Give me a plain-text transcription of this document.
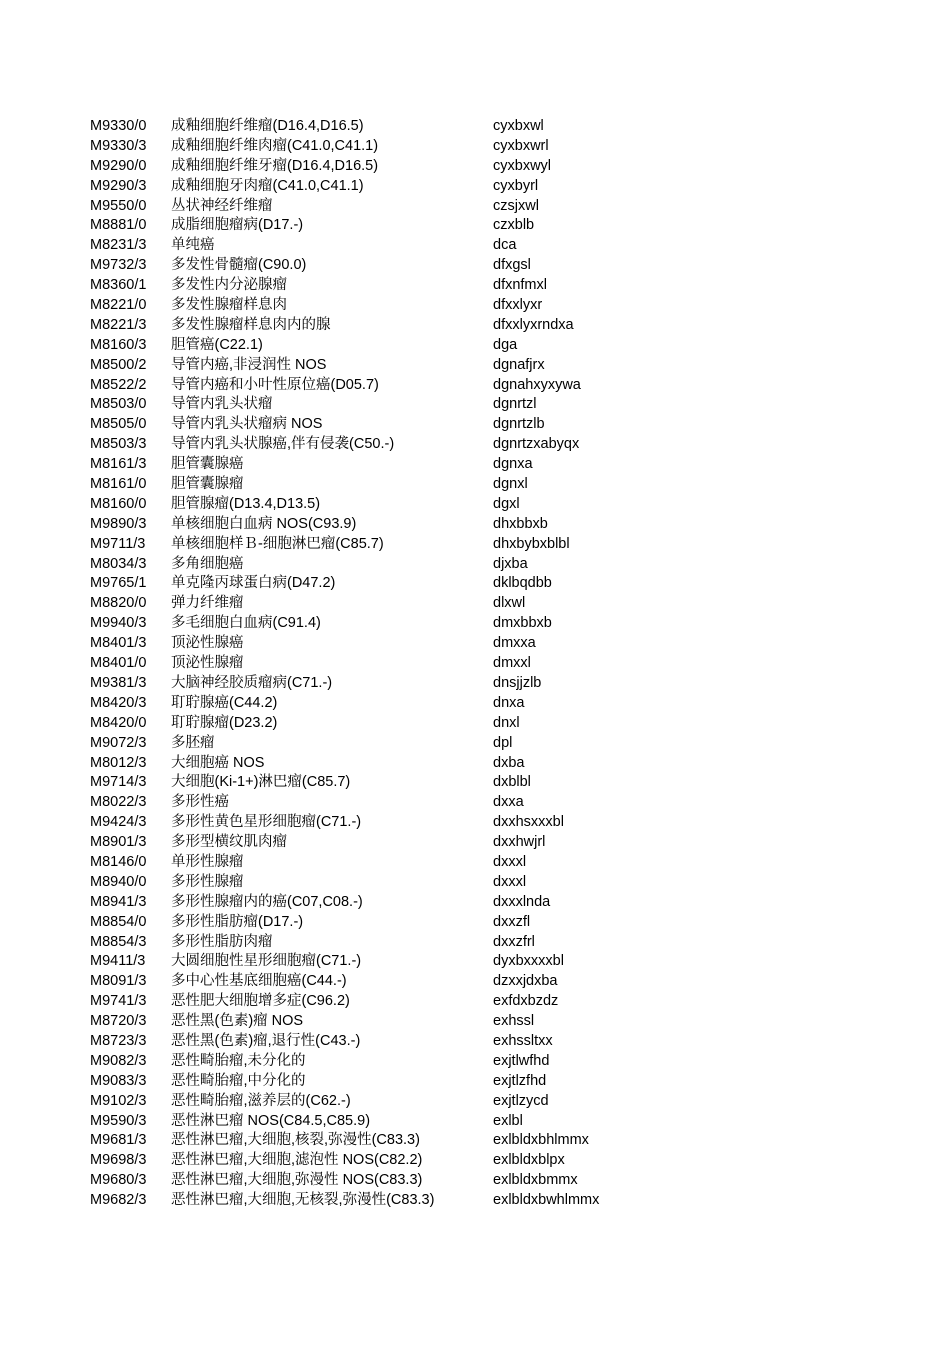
M9330/0	成釉细胞纤维瘤(D16.4,D16.5)	cyxbxwl
M9330/3	成釉细胞纤维肉瘤(C41.0,C41.1)	cyxbxwrl
M9290/0	成釉细胞纤维牙瘤(D16.4,D16.5)	cyxbxwyl
M9290/3	成釉细胞牙肉瘤(C41.0,C41.1)	cyxbyrl
M9550/0	丛状神经纤维瘤	czsjxwl
M8881/0	成脂细胞瘤病(D17.-)	czxblb
M8231/3	单纯癌	dca
M9732/3	多发性骨髓瘤(C90.0)	dfxgsl
M8360/1	多发性内分泌腺瘤	dfxnfmxl
M8221/0	多发性腺瘤样息肉	dfxxlyxr
M8221/3	多发性腺瘤样息肉内的腺	dfxxlyxrndxa
M8160/3	胆管癌(C22.1)	dga
M8500/2	导管内癌,非浸润性 NOS	dgnafjrx
M8522/2	导管内癌和小叶性原位癌(D05.7)	dgnahxyxywa
M8503/0	导管内乳头状瘤	dgnrtzl
M8505/0	导管内乳头状瘤病 NOS	dgnrtzlb
M8503/3	导管内乳头状腺癌,伴有侵袭(C50.-)	dgnrtzxabyqx
M8161/3	胆管囊腺癌	dgnxa
M8161/0	胆管囊腺瘤	dgnxl
M8160/0	胆管腺瘤(D13.4,D13.5)	dgxl
M9890/3	单核细胞白血病 NOS(C93.9)	dhxbbxb
M9711/3	单核细胞样Ｂ-细胞淋巴瘤(C85.7)	dhxbybxblbl
M8034/3	多角细胞癌	djxba
M9765/1	单克隆丙球蛋白病(D47.2)	dklbqdbb
M8820/0	弹力纤维瘤	dlxwl
M9940/3	多毛细胞白血病(C91.4)	dmxbbxb
M8401/3	顶泌性腺癌	dmxxa
M8401/0	顶泌性腺瘤	dmxxl
M9381/3	大脑神经胶质瘤病(C71.-)	dnsjjzlb
M8420/3	耵聍腺癌(C44.2)	dnxa
M8420/0	耵聍腺瘤(D23.2)	dnxl
M9072/3	多胚瘤	dpl
M8012/3	大细胞癌 NOS	dxba
M9714/3	大细胞(Ki-1+)淋巴瘤(C85.7)	dxblbl
M8022/3	多形性癌	dxxa
M9424/3	多形性黄色星形细胞瘤(C71.-)	dxxhsxxxbl
M8901/3	多形型横纹肌肉瘤	dxxhwjrl
M8146/0	单形性腺瘤	dxxxl
M8940/0	多形性腺瘤	dxxxl
M8941/3	多形性腺瘤内的癌(C07,C08.-)	dxxxlnda
M8854/0	多形性脂肪瘤(D17.-)	dxxzfl
M8854/3	多形性脂肪肉瘤	dxxzfrl
M9411/3	大圆细胞性星形细胞瘤(C71.-)	dyxbxxxxbl
M8091/3	多中心性基底细胞癌(C44.-)	dzxxjdxba
M9741/3	恶性肥大细胞增多症(C96.2)	exfdxbzdz
M8720/3	恶性黑(色素)瘤 NOS	exhssl
M8723/3	恶性黑(色素)瘤,退行性(C43.-)	exhssltxx
M9082/3	恶性畸胎瘤,未分化的	exjtlwfhd
M9083/3	恶性畸胎瘤,中分化的	exjtlzfhd
M9102/3	恶性畸胎瘤,滋养层的(C62.-)	exjtlzycd
M9590/3	恶性淋巴瘤 NOS(C84.5,C85.9)	exlbl
M9681/3	恶性淋巴瘤,大细胞,核裂,弥漫性(C83.3)	exlbldxbhlmmx
M9698/3	恶性淋巴瘤,大细胞,滤泡性 NOS(C82.2)	exlbldxblpx
M9680/3	恶性淋巴瘤,大细胞,弥漫性 NOS(C83.3)	exlbldxbmmx
M9682/3	恶性淋巴瘤,大细胞,无核裂,弥漫性(C83.3)	exlbldxbwhlmmx
